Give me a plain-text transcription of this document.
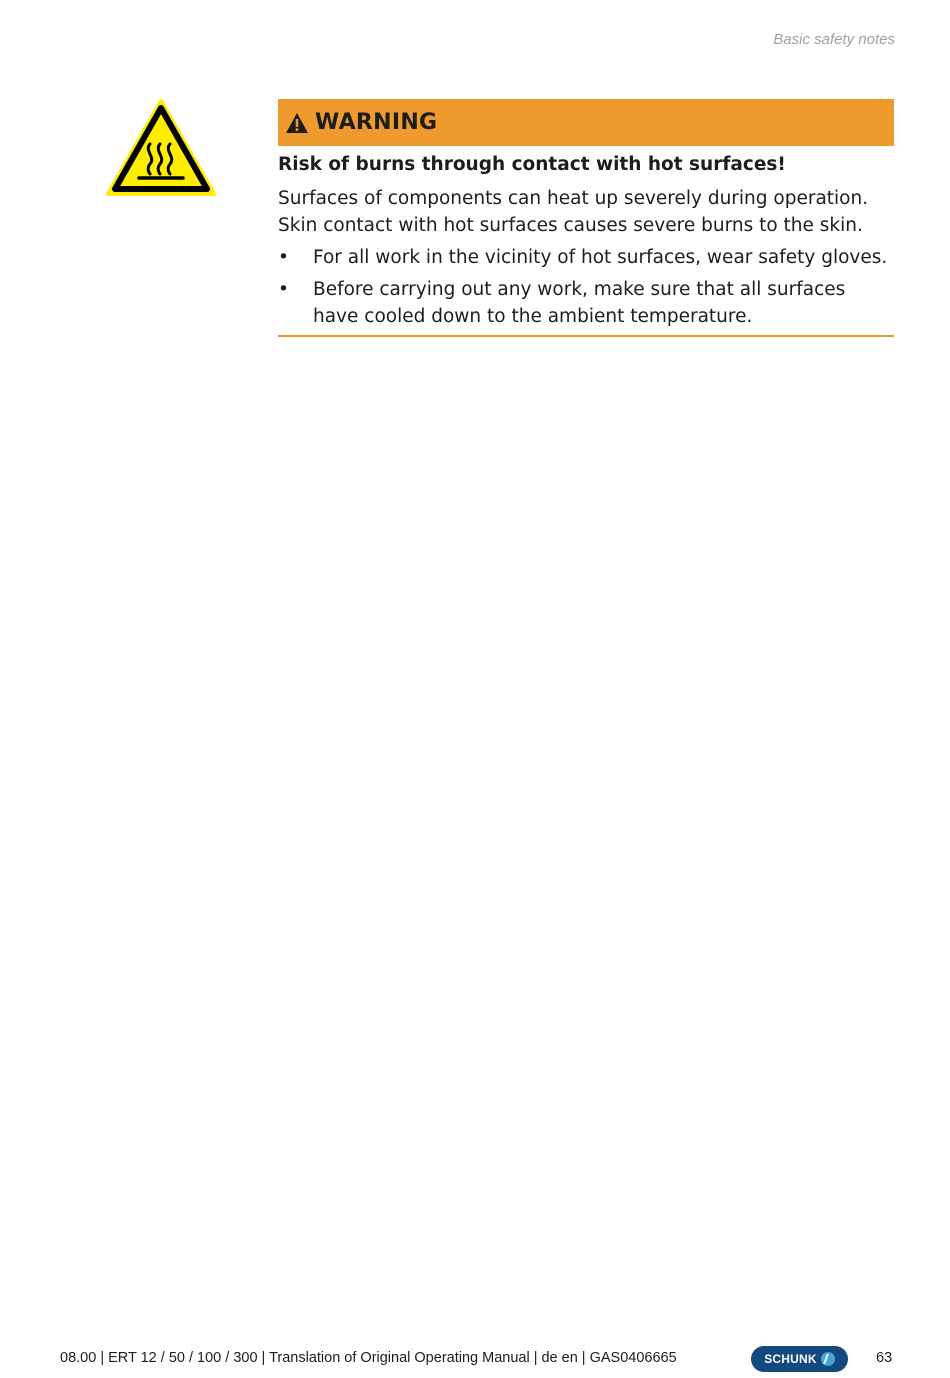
Basic safety notes
WARNING
Risk of burns through contact with hot surfaces!
Surfaces of components can heat up severely during operation.
Skin contact with hot surfaces causes severe burns to the skin.
• For all work in the vicinity of hot surfaces, wear safety gloves.
• Before carrying out any work, make sure that all surfaces have cooled down to the ambient temperature.
08.00 | ERT 12 / 50 / 100 / 300 | Translation of Original Operating Manual | de en | GAS0406665	SCHUNK	63
